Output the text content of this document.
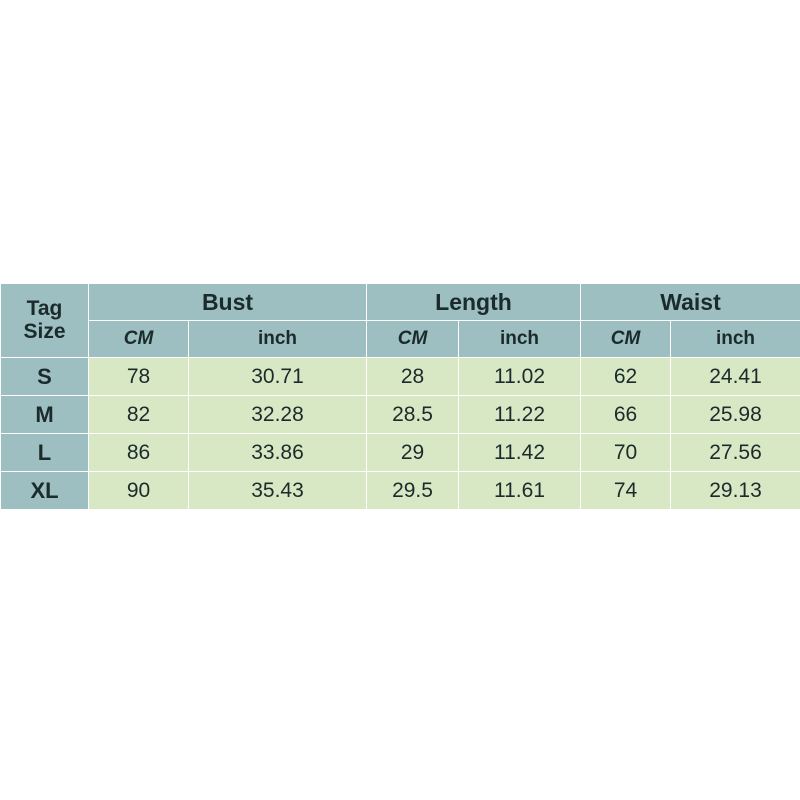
Tag
Size	Bust		Length		Waist	
	CM	inch	CM	inch	CM	inch
S	78	30.71	28	11.02	62	24.41
M	82	32.28	28.5	11.22	66	25.98
L	86	33.86	29	11.42	70	27.56
XL	90	35.43	29.5	11.61	74	29.13
